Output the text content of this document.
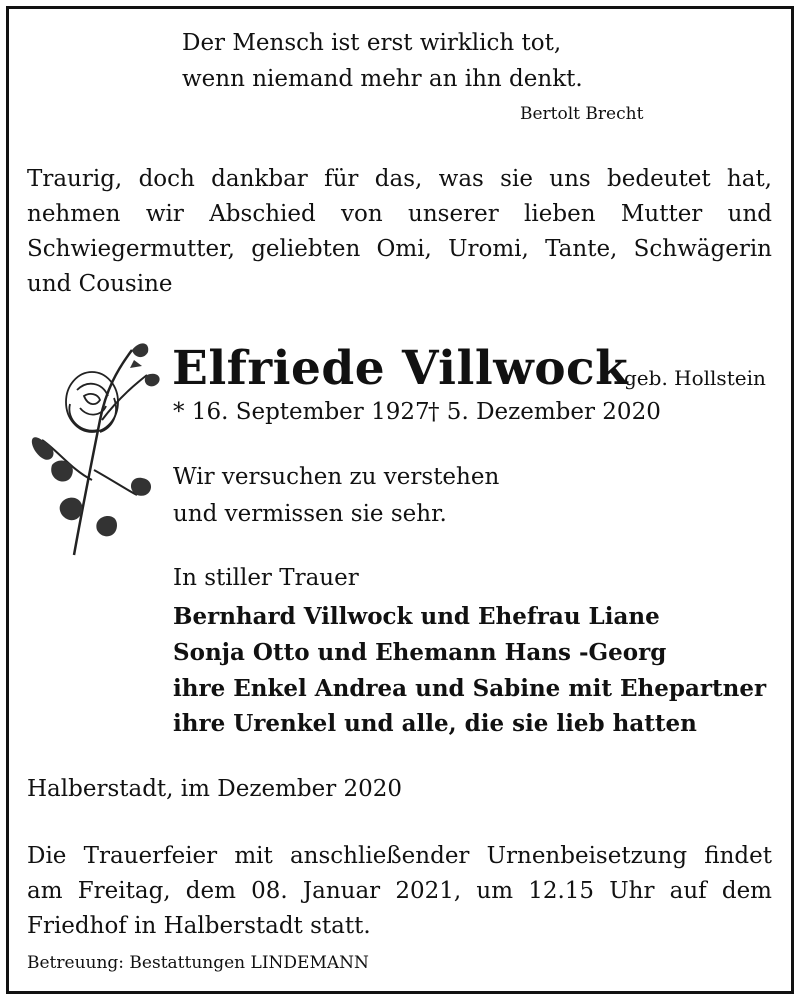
Der Mensch ist erst wirklich tot,
wenn niemand mehr an ihn denkt.
Bertolt Brecht
Traurig, doch dankbar für das, was sie uns bedeutet hat,
nehmen wir Abschied von unserer lieben Mutter und
Schwiegermutter, geliebten Omi, Uromi, Tante, Schwägerin
und Cousine
Elfriede Villwock
geb. Hollstein
* 16. September 1927
† 5. Dezember 2020
Wir versuchen zu verstehen
und vermissen sie sehr.
In stiller Trauer
Bernhard Villwock und Ehefrau Liane
Sonja Otto und Ehemann Hans -Georg
ihre Enkel Andrea und Sabine mit Ehepartner
ihre Urenkel und alle, die sie lieb hatten
Halberstadt, im Dezember 2020
Die Trauerfeier mit anschließender Urnenbeisetzung findet
am Freitag, dem 08. Januar 2021, um 12.15 Uhr auf dem
Friedhof in Halberstadt statt.
Betreuung: Bestattungen LINDEMANN
